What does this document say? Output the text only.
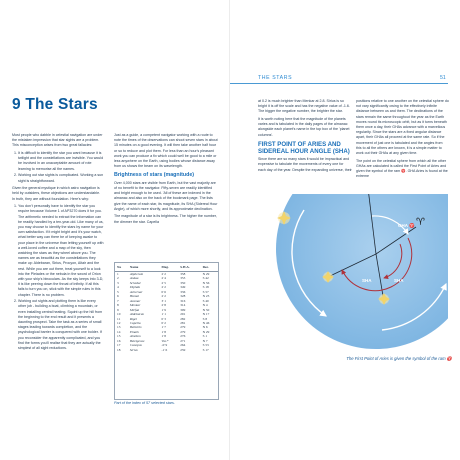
9 The Stars

Most people who dabble in celestial navigation are under the mistaken impression that star sights are a problem. This misconception arises from two great fallacies:

1. It is difficult to identify the star you want because it is twilight and the constellations are invisible. You would be involved in an unacceptable amount of rote learning to memorise all the names.
2. Working out star sights is complicated. Working a sun sight is straightforward.

Given the general mystique in which astro navigation is held by outsiders, these objections are understandable. In truth, they are without foundation. Here's why:

1. You don't personally have to identify the star you require because Volume 1 of AP3270 does it for you. The arithmetic needed to extract the information can be readily handled by a ten-year-old. Like many of us, you may choose to identify the stars by name for your own satisfaction. If it might bright and it's your watch, what better way can there be of keeping awake to your place in the universe than letting yourself up with a well-loved coffee and a map of the sky, then watching the stars as they wheel above you. The names are as beautiful as the constellations they make up: Aldebaran, Sirius, Procyon, Altair and the rest. While you are out there, treat yourself to a look into the Pleiades or the nebula in the sword of Orion with your ship's binoculars. As the sky keeps into 3-D, it is like peering down the throat of infinity. If all this fails to turn you on, stick with the simple rules in this chapter. There is no problem.
2. Working out sights and plotting them is like every other job - building a boat, climbing a mountain, or even installing central heating. Squint up the hill from the beginning to the end result and it presents a daunting prospect. Take the task as a series of small stages leading towards completion, and the psychological barrier is conquered with one bolder. If you reconsider the apparently complicated, and you find the forms you'll realise that they are actually the simplest of all sight reductions.

Just as a guide, a competent navigator working with a route to note the times of the observations can shoot seven stars in about 15 minutes on a good evening. It will then take another half hour or so to reduce and plot them. For less than an hour's pleasant work you can produce a fix which could well be good to a mile or less anywhere on the Earth, using bodies whose distance away from us shows the beam on its wavelength.

Brightness of stars (magnitude)

Over 4,000 stars are visible from Earth, but the vast majority are of no benefit to the navigator. Fifty-seven are readily identified and bright enough to be used. 'All of these are indexed in the almanac and also on the back of the bookmark page. The lists give the name of each star, its magnitude, its SHA (Sidereal Hour Angle), of which more shortly, and its approximate declination.

The magnitude of a star is its brightness. The higher the number, the dimmer the star. Capella

No	Name	Mag.	S.H.A.	Dec.
1	Alpheratz	2·2	358	N 29
2	Ankaa	2·4	353	S 42
3	Schedar	2·5	350	N 56
4	Diphda	2·2	349	S 18
5	Achernar	0·6	336	S 57
6	Hamal	2·2	328	N 23
7	Acamar	3·1	316	S 40
8	Menkar	2·8	314	N 4
9	Mirfak	1·9	309	N 50
10	Aldebaran	1·1	291	N 17
11	Rigel	0·3	282	S 8
12	Capella	0·2	281	N 46
13	Bellatrix	1·7	279	N 6
14	Elnath	1·8	279	N 29
15	Alnilam	1·8	276	S 1
16	Betelgeuse	Var.*	271	N 7
17	Canopus	-0·9	264	S 53
18	Sirius	-1·6	259	S 17
Part of the index of 57 selected stars.
THE STARS	51

at 0.2 is much brighter than Menkar at 2.8. Sirius is so bright it is off the scale and has the negative value of -1.6. The bigger the negative number, the brighter the star.

It is worth noting here that the magnitude of the planets varies and is tabulated in the daily pages of the almanac alongside each planet's name in the top box of the 'planet columns'.

FIRST POINT OF ARIES AND SIDEREAL HOUR ANGLE (SHA)

Since there are so many stars it would be impractical and expensive to tabulate the movements of every one for each day of the year. Despite the expanding universe, their

positions relative to one another on the celestial sphere do not vary significantly owing to the effectively infinite distance between us and them. The declinations of the stars remain the same throughout the year as the Earth moves round its microscopic orbit, but as it turns beneath them once a day, their GHAs advance with a marvellous regularity. Since the stars are a fixed angular distance apart, their GHAs all proceed at the same rate. So if the movement of just one is tabulated and the angles from this to all the others are known, it is a simple matter to work out their GHAs at any given time.

The point on the celestial sphere from which all the other GHAs are calculated is called the First Point of Aries and given the symbol of the ram ♈. GHA Aries is found at the extreme

GHA ♈
SHA	SHA
♈
The First Point of Aries is given the symbol of the ram ♈
